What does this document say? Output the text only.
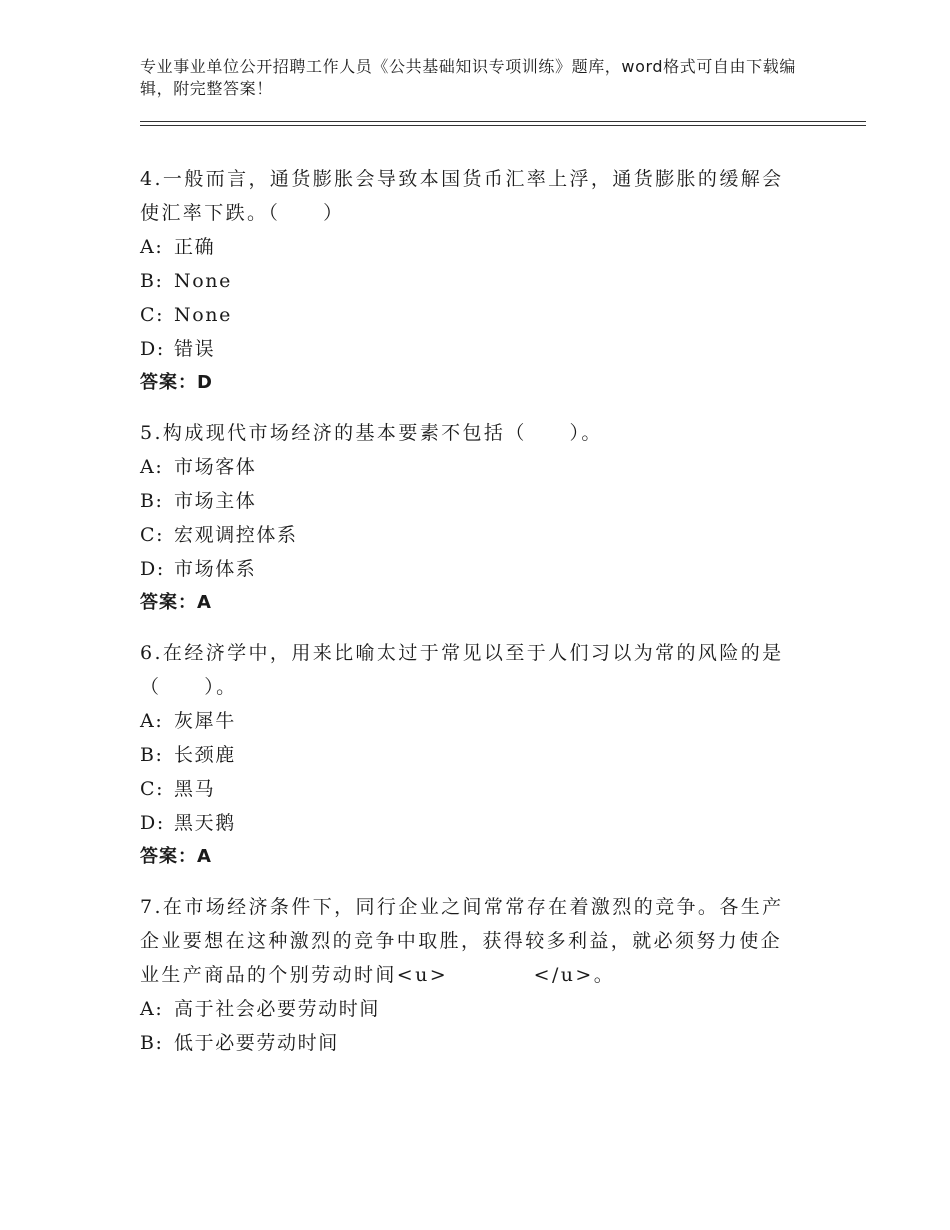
专业事业单位公开招聘工作人员《公共基础知识专项训练》题库，word格式可自由下载编辑，附完整答案！
4.一般而言，通货膨胀会导致本国货币汇率上浮，通货膨胀的缓解会使汇率下跌。（　　）
A: 正确
B: None
C: None
D: 错误
答案：D
5.构成现代市场经济的基本要素不包括（　　）。
A: 市场客体
B: 市场主体
C: 宏观调控体系
D: 市场体系
答案：A
6.在经济学中，用来比喻太过于常见以至于人们习以为常的风险的是（　　）。
A: 灰犀牛
B: 长颈鹿
C: 黑马
D: 黑天鹅
答案：A
7.在市场经济条件下，同行企业之间常常存在着激烈的竞争。各生产企业要想在这种激烈的竞争中取胜，获得较多利益，就必须努力使企业生产商品的个别劳动时间<u>　　　　</u>。
A: 高于社会必要劳动时间
B: 低于必要劳动时间
